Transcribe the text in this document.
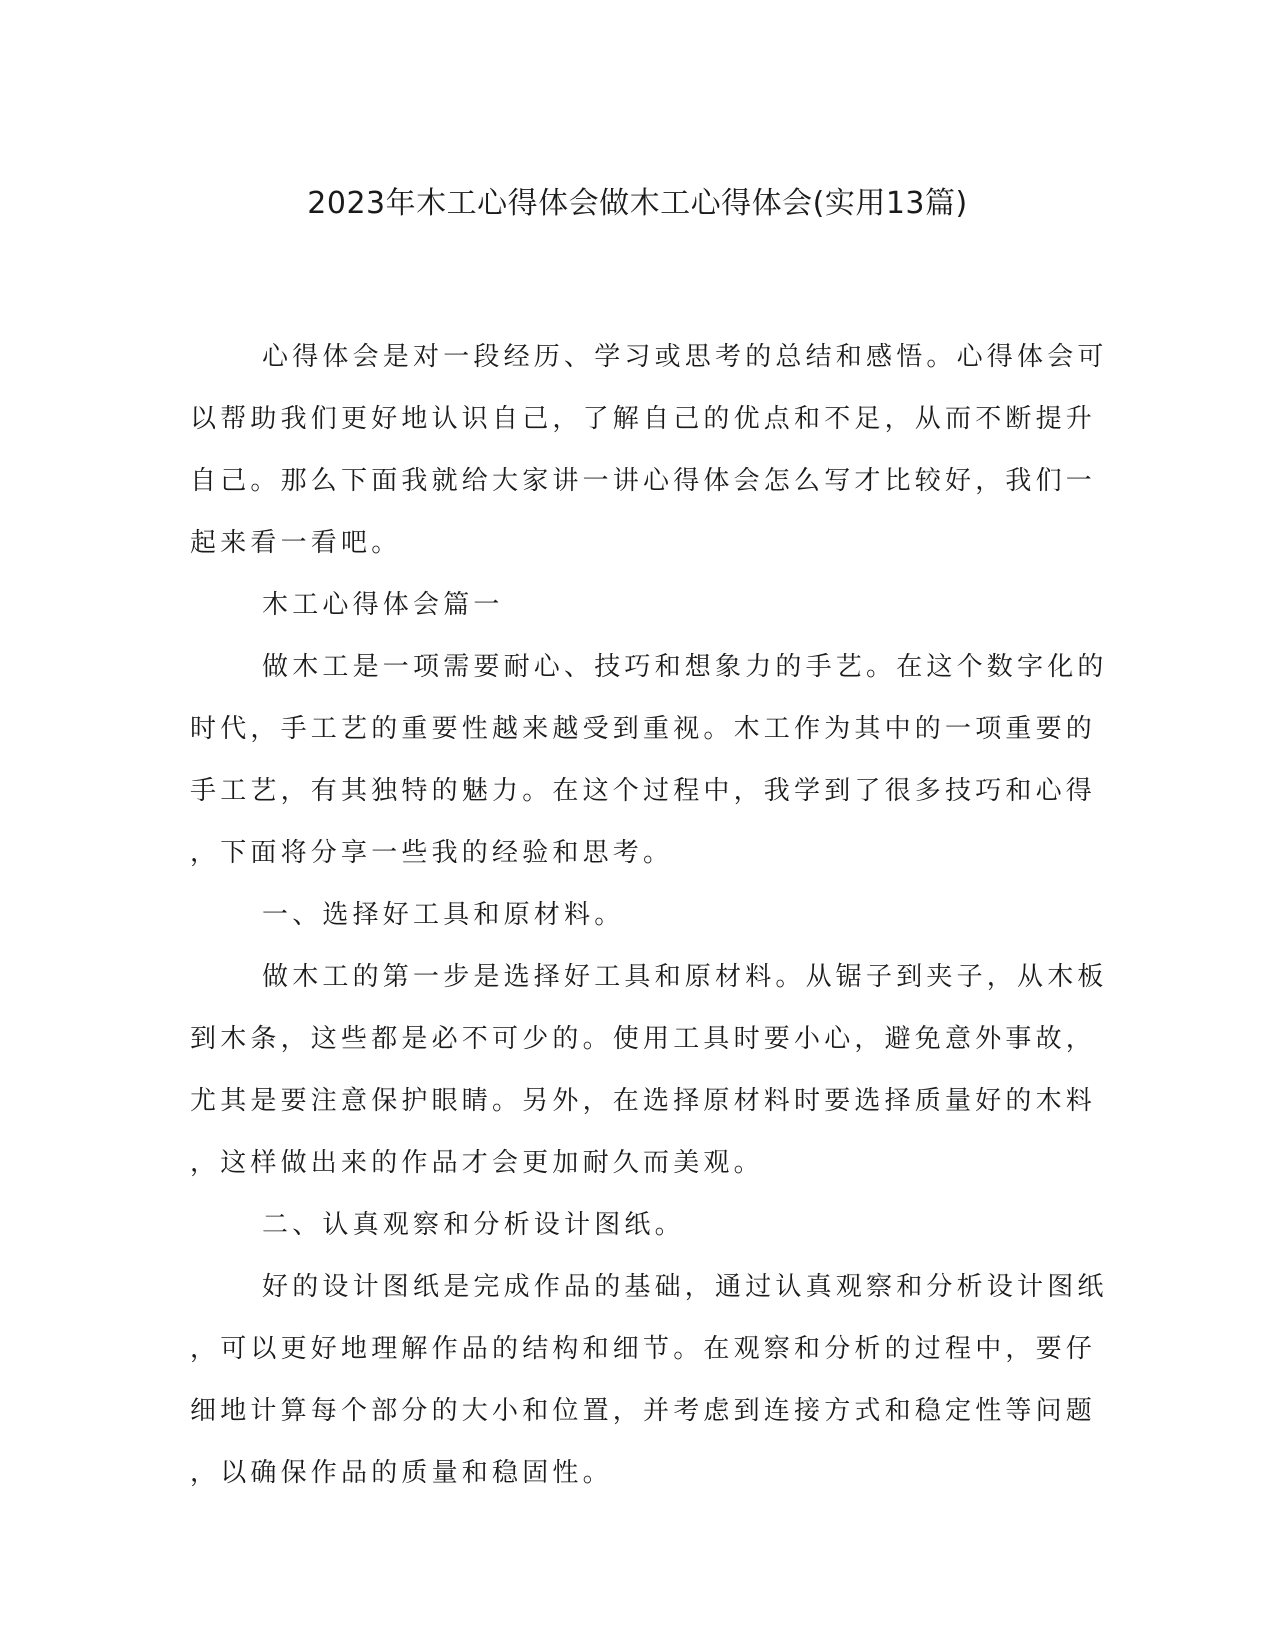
2023年木工心得体会做木工心得体会(实用13篇)
心得体会是对一段经历、学习或思考的总结和感悟。心得体会可
以帮助我们更好地认识自己，了解自己的优点和不足，从而不断提升
自己。那么下面我就给大家讲一讲心得体会怎么写才比较好，我们一
起来看一看吧。
木工心得体会篇一
做木工是一项需要耐心、技巧和想象力的手艺。在这个数字化的
时代，手工艺的重要性越来越受到重视。木工作为其中的一项重要的
手工艺，有其独特的魅力。在这个过程中，我学到了很多技巧和心得
，下面将分享一些我的经验和思考。
一、选择好工具和原材料。
做木工的第一步是选择好工具和原材料。从锯子到夹子，从木板
到木条，这些都是必不可少的。使用工具时要小心，避免意外事故，
尤其是要注意保护眼睛。另外，在选择原材料时要选择质量好的木料
，这样做出来的作品才会更加耐久而美观。
二、认真观察和分析设计图纸。
好的设计图纸是完成作品的基础，通过认真观察和分析设计图纸
，可以更好地理解作品的结构和细节。在观察和分析的过程中，要仔
细地计算每个部分的大小和位置，并考虑到连接方式和稳定性等问题
，以确保作品的质量和稳固性。
